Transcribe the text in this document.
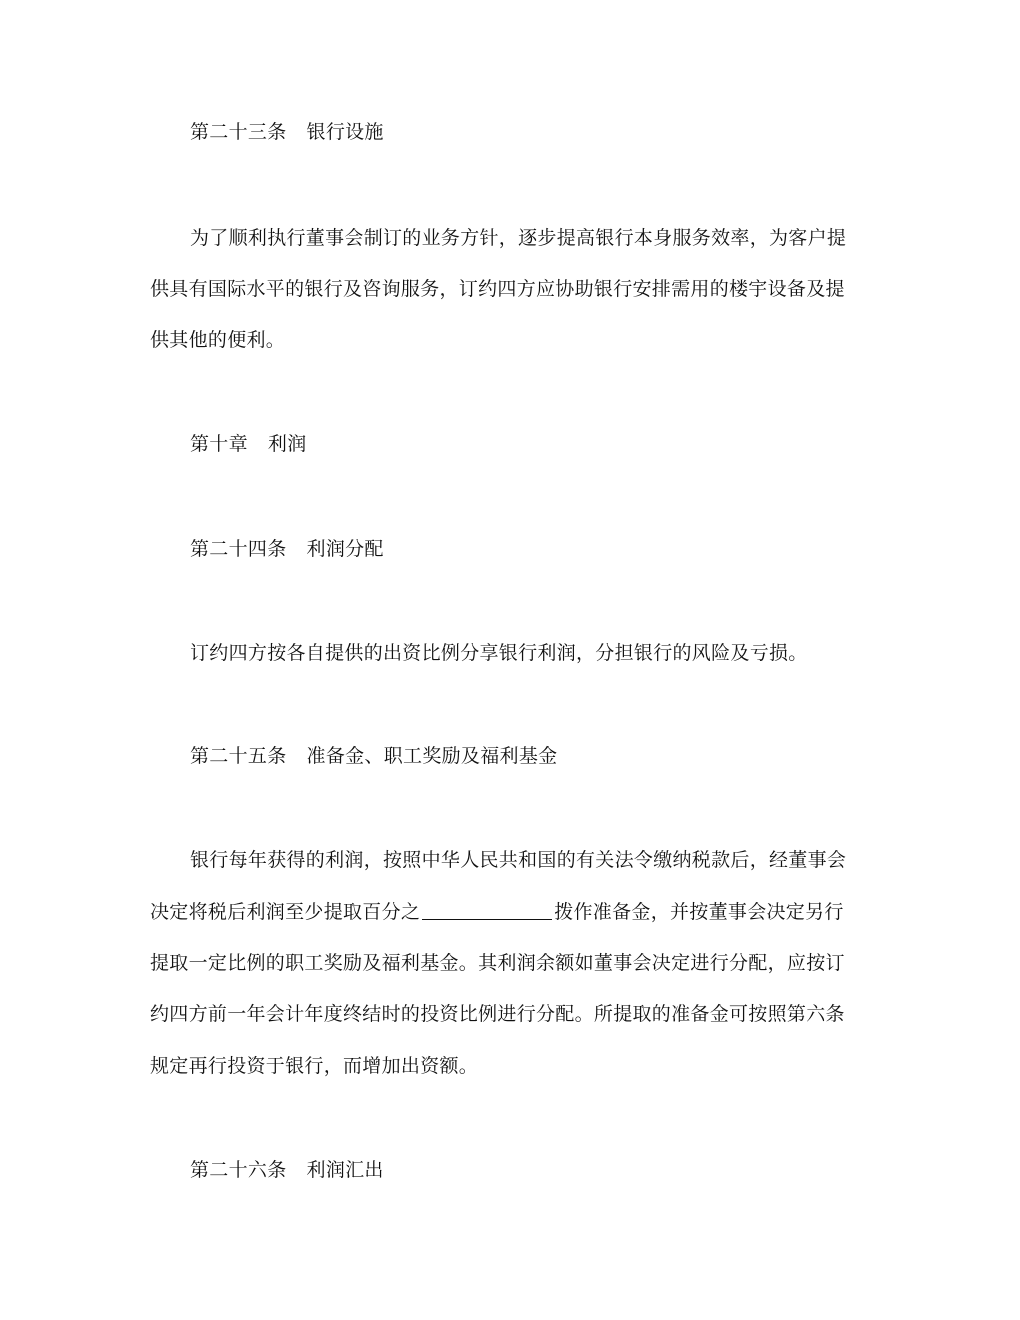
第二十三条 银行设施
为了顺利执行董事会制订的业务方针，逐步提高银行本身服务效率，为客户提
供具有国际水平的银行及咨询服务，订约四方应协助银行安排需用的楼宇设备及提
供其他的便利。
第十章 利润
第二十四条 利润分配
订约四方按各自提供的出资比例分享银行利润，分担银行的风险及亏损。
第二十五条 准备金、职工奖励及福利基金
银行每年获得的利润，按照中华人民共和国的有关法令缴纳税款后，经董事会
决定将税后利润至少提取百分之	拨作准备金，并按董事会决定另行
提取一定比例的职工奖励及福利基金。其利润余额如董事会决定进行分配，应按订
约四方前一年会计年度终结时的投资比例进行分配。所提取的准备金可按照第六条
规定再行投资于银行，而增加出资额。
第二十六条 利润汇出
